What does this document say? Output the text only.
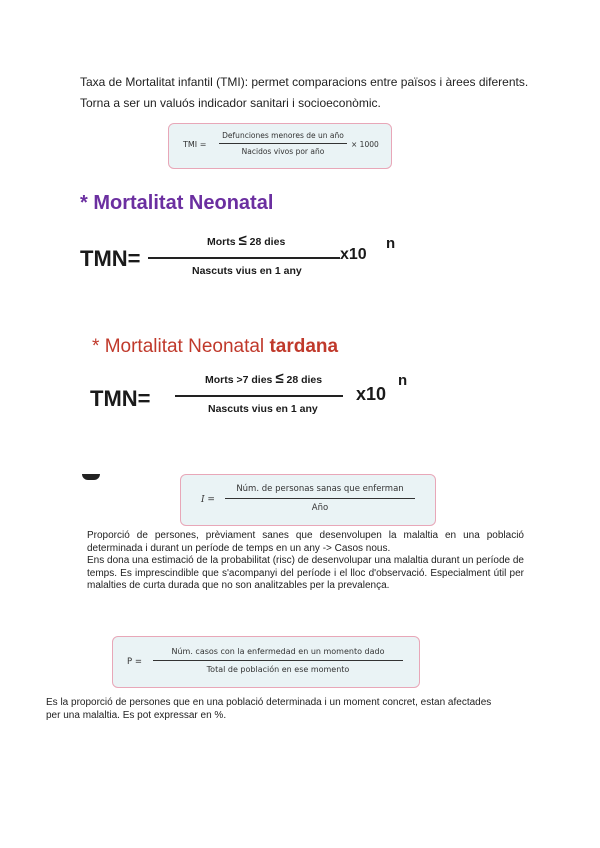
Taxa de Mortalitat infantil (TMI): permet comparacions entre països i àrees diferents.
Torna a ser un valuós indicador sanitari i socioeconòmic.
TMI =
Defunciones menores de un año
Nacidos vivos por año
× 1000
* Mortalitat Neonatal
TMN=
Morts ≤ 28 dies
Nascuts vius en 1 any
x10
n
* Mortalitat Neonatal tardana
TMN=
Morts >7 dies ≤ 28 dies
Nascuts vius en 1 any
x10
n
I =
Núm. de personas sanas que enferman
Año
Proporció de persones, prèviament sanes que desenvolupen la malaltia en una població determinada i durant un període de temps en un any -> Casos nous.
Ens dona una estimació de la probabilitat (risc) de desenvolupar una malaltia durant un període de temps. Es imprescindible que s'acompanyi del període i el lloc d'observació. Especialment útil per malalties de curta durada que no son analitzables per la prevalença.
P =
Núm. casos con la enfermedad en un momento dado
Total de población en ese momento
Es la proporció de persones que en una població determinada i un moment concret, estan afectades per una malaltia. Es pot expressar en %.
